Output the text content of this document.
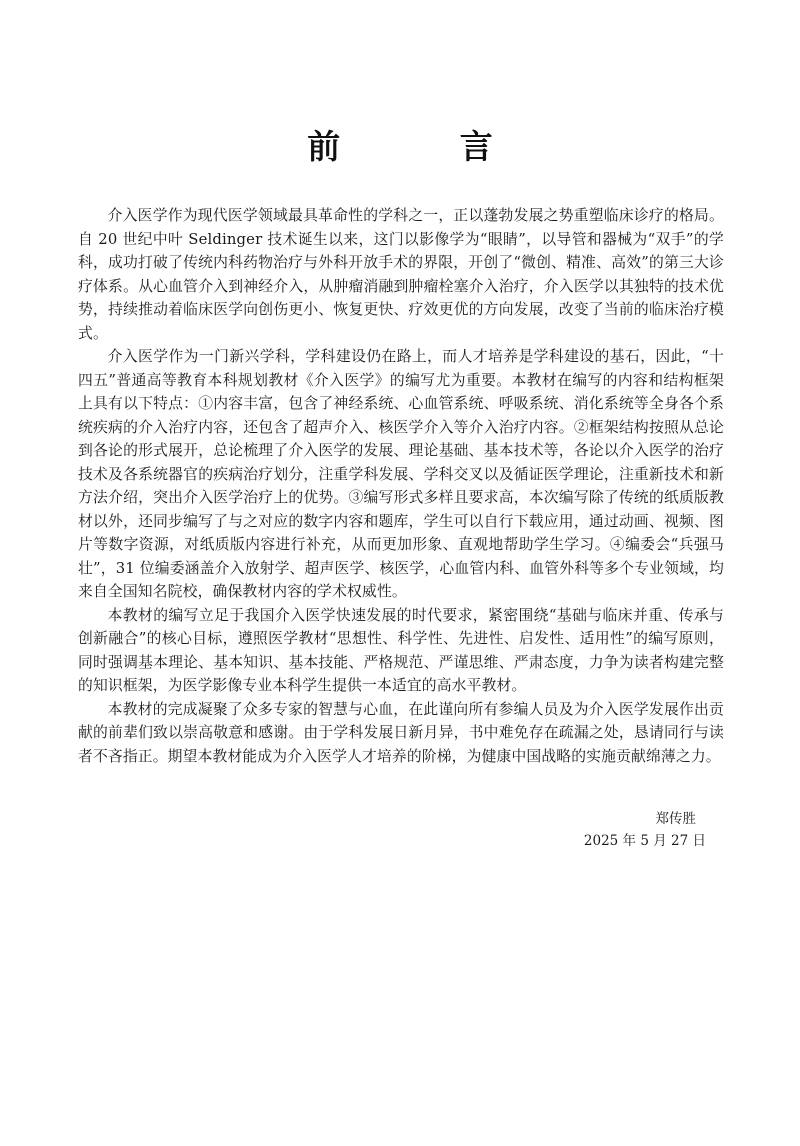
前 言

介入医学作为现代医学领域最具革命性的学科之一，正以蓬勃发展之势重塑临床诊疗的格局。自 20 世纪中叶 Seldinger 技术诞生以来，这门以影像学为“眼睛”，以导管和器械为“双手”的学科，成功打破了传统内科药物治疗与外科开放手术的界限，开创了“微创、精准、高效”的第三大诊疗体系。从心血管介入到神经介入，从肿瘤消融到肿瘤栓塞介入治疗，介入医学以其独特的技术优势，持续推动着临床医学向创伤更小、恢复更快、疗效更优的方向发展，改变了当前的临床治疗模式。

介入医学作为一门新兴学科，学科建设仍在路上，而人才培养是学科建设的基石，因此，“十四五”普通高等教育本科规划教材《介入医学》的编写尤为重要。本教材在编写的内容和结构框架上具有以下特点：①内容丰富，包含了神经系统、心血管系统、呼吸系统、消化系统等全身各个系统疾病的介入治疗内容，还包含了超声介入、核医学介入等介入治疗内容。②框架结构按照从总论到各论的形式展开，总论梳理了介入医学的发展、理论基础、基本技术等，各论以介入医学的治疗技术及各系统器官的疾病治疗划分，注重学科发展、学科交叉以及循证医学理论，注重新技术和新方法介绍，突出介入医学治疗上的优势。③编写形式多样且要求高，本次编写除了传统的纸质版教材以外，还同步编写了与之对应的数字内容和题库，学生可以自行下载应用，通过动画、视频、图片等数字资源，对纸质版内容进行补充，从而更加形象、直观地帮助学生学习。④编委会“兵强马壮”，31 位编委涵盖介入放射学、超声医学、核医学，心血管内科、血管外科等多个专业领域，均来自全国知名院校，确保教材内容的学术权威性。

本教材的编写立足于我国介入医学快速发展的时代要求，紧密围绕“基础与临床并重、传承与创新融合”的核心目标，遵照医学教材“思想性、科学性、先进性、启发性、适用性”的编写原则，同时强调基本理论、基本知识、基本技能、严格规范、严谨思维、严肃态度，力争为读者构建完整的知识框架，为医学影像专业本科学生提供一本适宜的高水平教材。

本教材的完成凝聚了众多专家的智慧与心血，在此谨向所有参编人员及为介入医学发展作出贡献的前辈们致以崇高敬意和感谢。由于学科发展日新月异，书中难免存在疏漏之处，恳请同行与读者不吝指正。期望本教材能成为介入医学人才培养的阶梯，为健康中国战略的实施贡献绵薄之力。

郑传胜
2025 年 5 月 27 日
